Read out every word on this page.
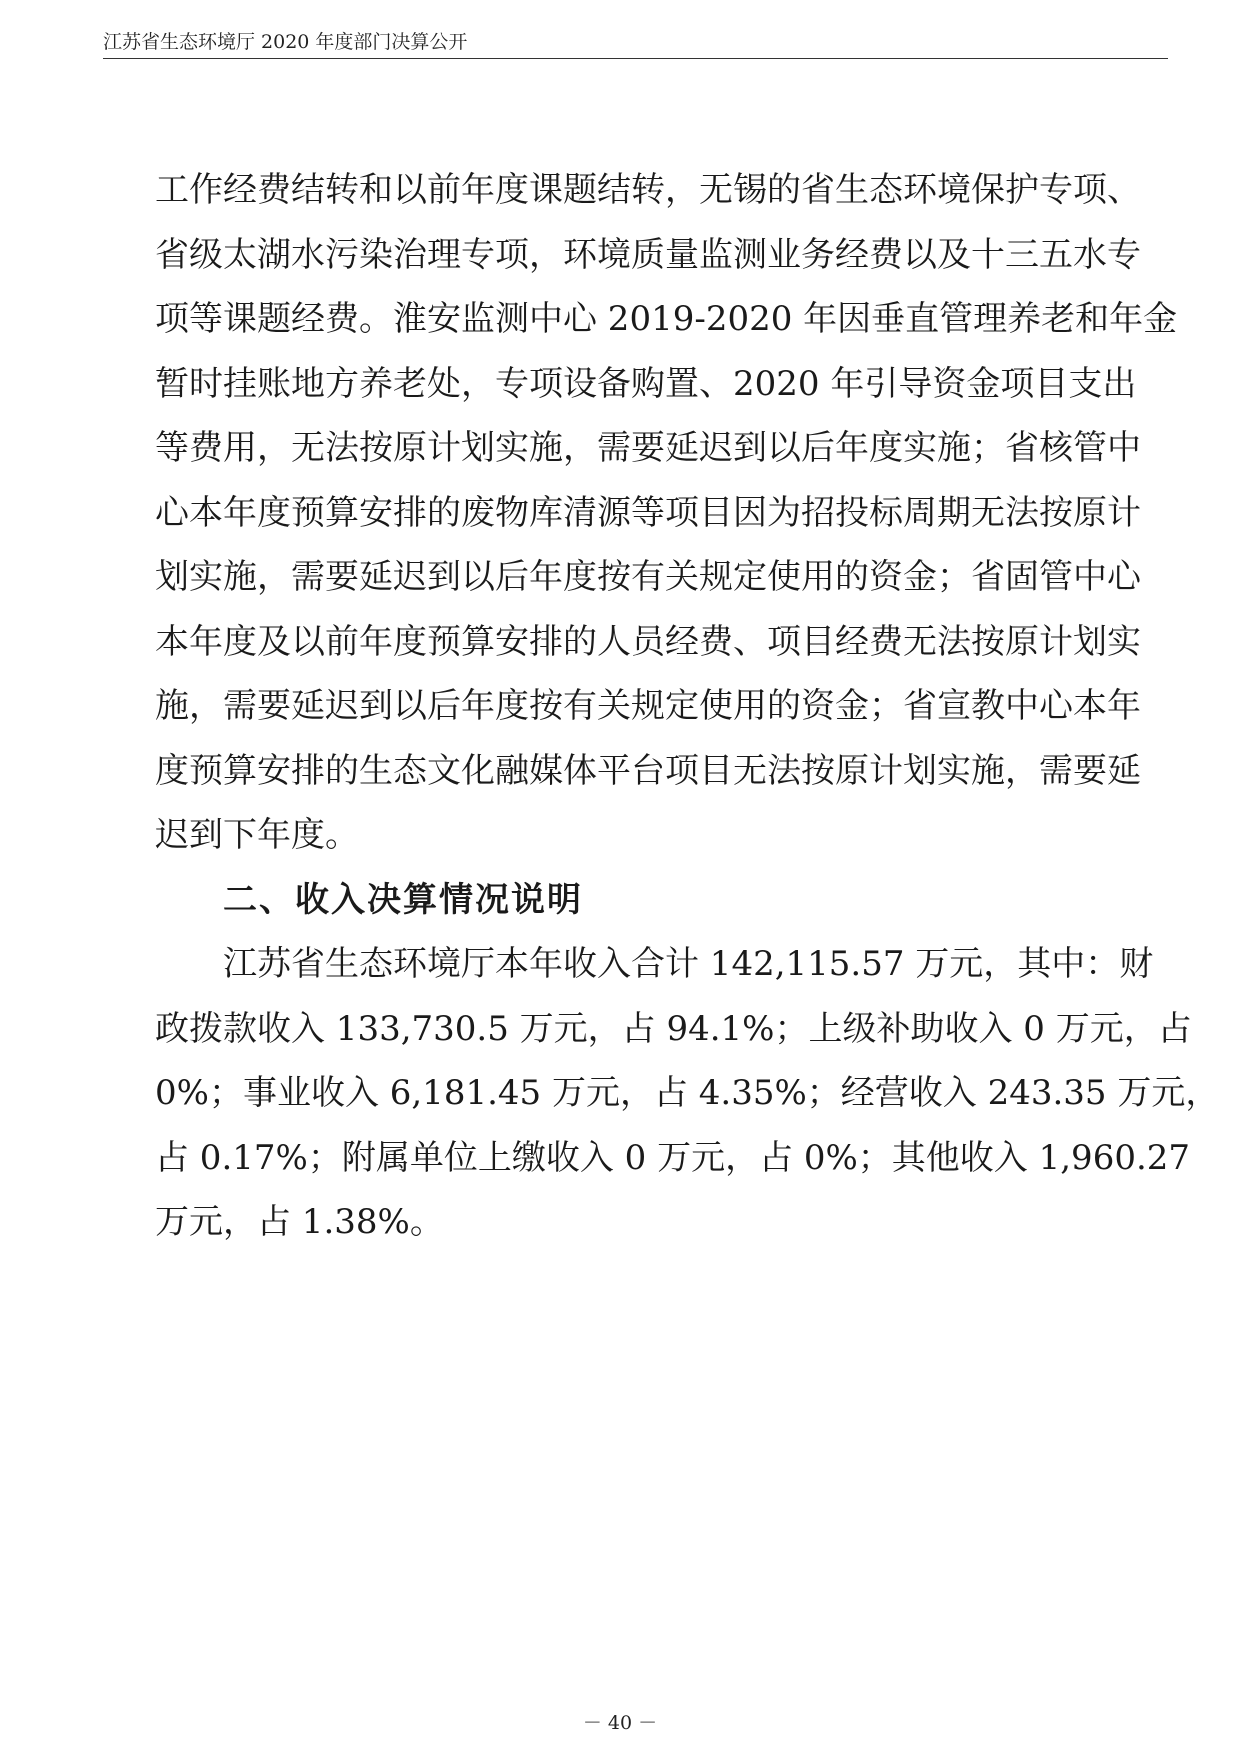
江苏省生态环境厅 2020 年度部门决算公开
工作经费结转和以前年度课题结转，无锡的省生态环境保护专项、
省级太湖水污染治理专项，环境质量监测业务经费以及十三五水专
项等课题经费。淮安监测中心 2019-2020 年因垂直管理养老和年金
暂时挂账地方养老处，专项设备购置、2020 年引导资金项目支出
等费用，无法按原计划实施，需要延迟到以后年度实施；省核管中
心本年度预算安排的废物库清源等项目因为招投标周期无法按原计
划实施，需要延迟到以后年度按有关规定使用的资金；省固管中心
本年度及以前年度预算安排的人员经费、项目经费无法按原计划实
施，需要延迟到以后年度按有关规定使用的资金；省宣教中心本年
度预算安排的生态文化融媒体平台项目无法按原计划实施，需要延
迟到下年度。
二、收入决算情况说明
江苏省生态环境厅本年收入合计 142,115.57 万元，其中：财
政拨款收入 133,730.5 万元，占 94.1%；上级补助收入 0 万元，占
0%；事业收入 6,181.45 万元，占 4.35%；经营收入 243.35 万元，
占 0.17%；附属单位上缴收入 0 万元，占 0%；其他收入 1,960.27
万元，占 1.38%。
－ 40 －
